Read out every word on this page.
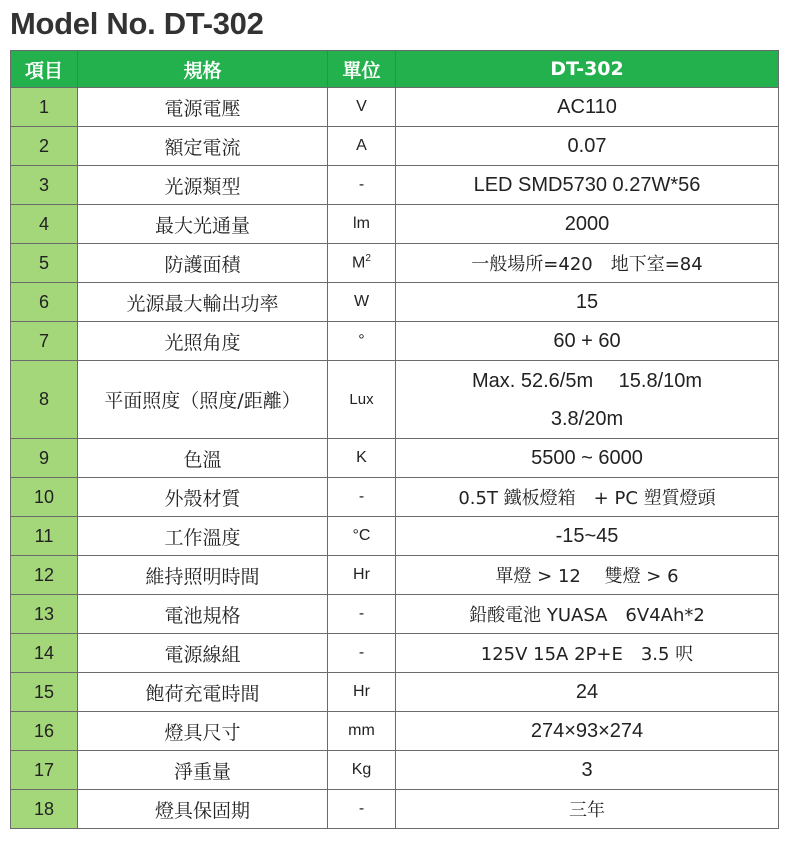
Model No. DT-302
項目	規格	單位	DT-302
1	電源電壓	V	AC110
2	額定電流	A	0.07
3	光源類型	-	LED SMD5730 0.27W*56
4	最大光通量	lm	2000
5	防護面積	$M^2$	一般場所=420　地下室=84
6	光源最大輸出功率	W	15
7	光照角度	°	60 + 60
8	平面照度（照度/距離）	Lux	Max. 52.6/5m　 15.8/10m
3.8/20m

9	色溫	K	5500 ~ 6000
10	外殼材質	-	0.5T 鐵板燈箱　+ PC 塑質燈頭
11	工作溫度	°C	-15~45
12	維持照明時間	Hr	單燈 > 12　 雙燈 > 6
13	電池規格	-	鉛酸電池 YUASA　6V4Ah*2
14	電源線組	-	125V 15A 2P+E　3.5 呎
15	飽荷充電時間	Hr	24
16	燈具尺寸	mm	274×93×274
17	淨重量	Kg	3
18	燈具保固期	-	三年
